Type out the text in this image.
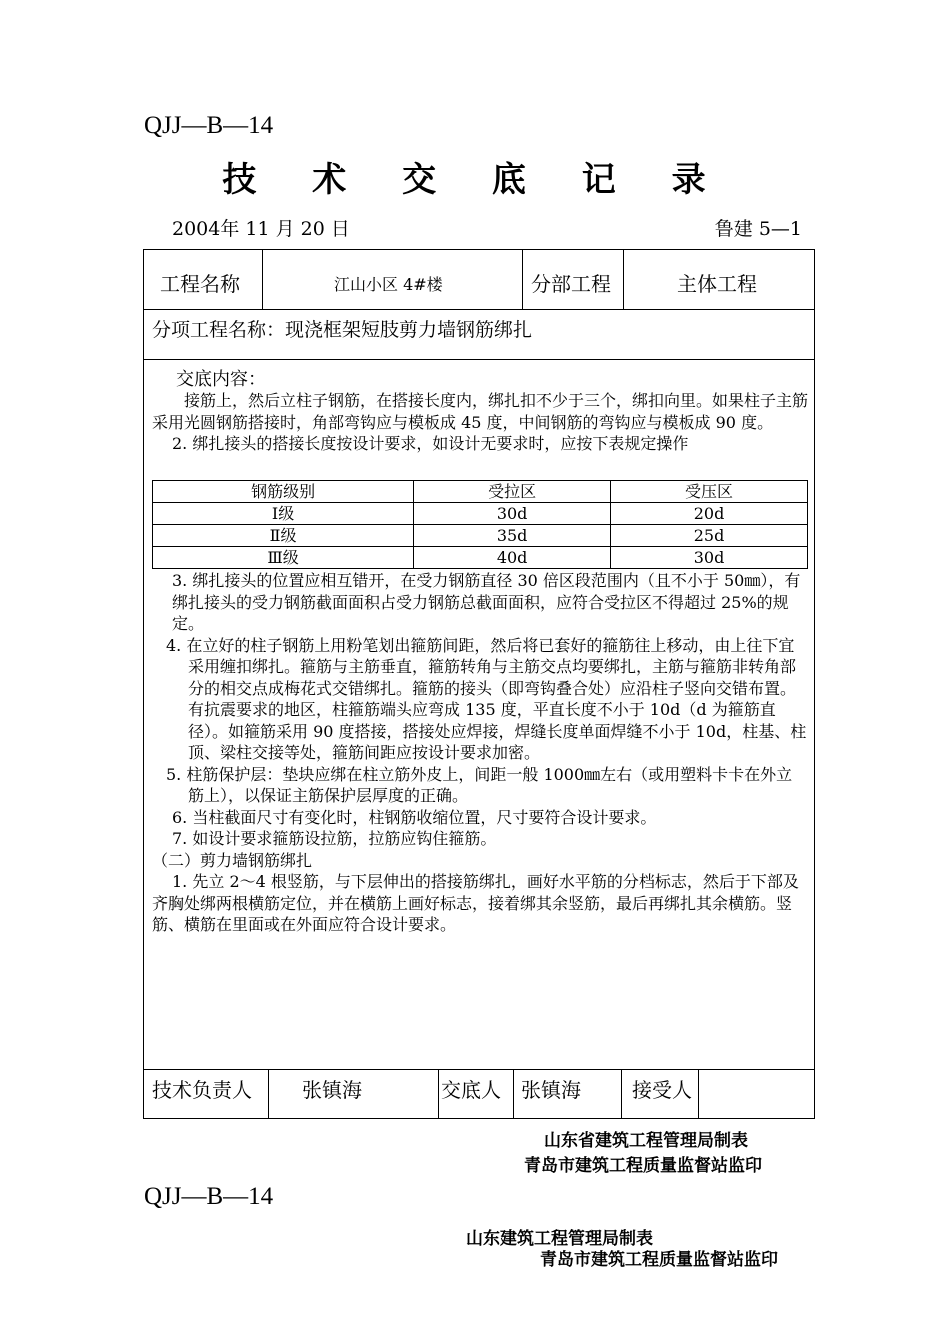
QJJ—B—14
技 术 交 底 记 录
2004年 11 月 20 日	鲁建 5—1
工程名称	江山小区 4#楼	分部工程	主体工程
分项工程名称：现浇框架短肢剪力墙钢筋绑扎
交底内容：

接筋上，然后立柱子钢筋，在搭接长度内，绑扎扣不少于三个，绑扣向里。如果柱子主筋采用光圆钢筋搭接时，角部弯钩应与模板成 45 度，中间钢筋的弯钩应与模板成 90 度。

2. 绑扎接头的搭接长度按设计要求，如设计无要求时，应按下表规定操作

钢筋级别	受拉区	受压区
Ⅰ级	30d	20d
Ⅱ级	35d	25d
Ⅲ级	40d	30d

3. 绑扎接头的位置应相互错开，在受力钢筋直径 30 倍区段范围内（且不小于 50㎜），有绑扎接头的受力钢筋截面面积占受力钢筋总截面面积，应符合受拉区不得超过 25%的规定。

4. 在立好的柱子钢筋上用粉笔划出箍筋间距，然后将已套好的箍筋往上移动，由上往下宜采用缠扣绑扎。箍筋与主筋垂直，箍筋转角与主筋交点均要绑扎，主筋与箍筋非转角部分的相交点成梅花式交错绑扎。箍筋的接头（即弯钩叠合处）应沿柱子竖向交错布置。有抗震要求的地区，柱箍筋端头应弯成 135 度，平直长度不小于 10d（d 为箍筋直径）。如箍筋采用 90 度搭接，搭接处应焊接，焊缝长度单面焊缝不小于 10d，柱基、柱顶、梁柱交接等处，箍筋间距应按设计要求加密。

5. 柱筋保护层：垫块应绑在柱立筋外皮上，间距一般 1000㎜左右（或用塑料卡卡在外立筋上），以保证主筋保护层厚度的正确。

6. 当柱截面尺寸有变化时，柱钢筋收缩位置，尺寸要符合设计要求。

7. 如设计要求箍筋设拉筋，拉筋应钩住箍筋。

（二）剪力墙钢筋绑扎

1. 先立 2～4 根竖筋，与下层伸出的搭接筋绑扎，画好水平筋的分档标志，然后于下部及齐胸处绑两根横筋定位，并在横筋上画好标志，接着绑其余竖筋，最后再绑扎其余横筋。竖筋、横筋在里面或在外面应符合设计要求。

技术负责人	张镇海	交底人 张镇海	接受人
山东省建筑工程管理局制表
青岛市建筑工程质量监督站监印
QJJ—B—14
山东建筑工程管理局制表
青岛市建筑工程质量监督站监印
